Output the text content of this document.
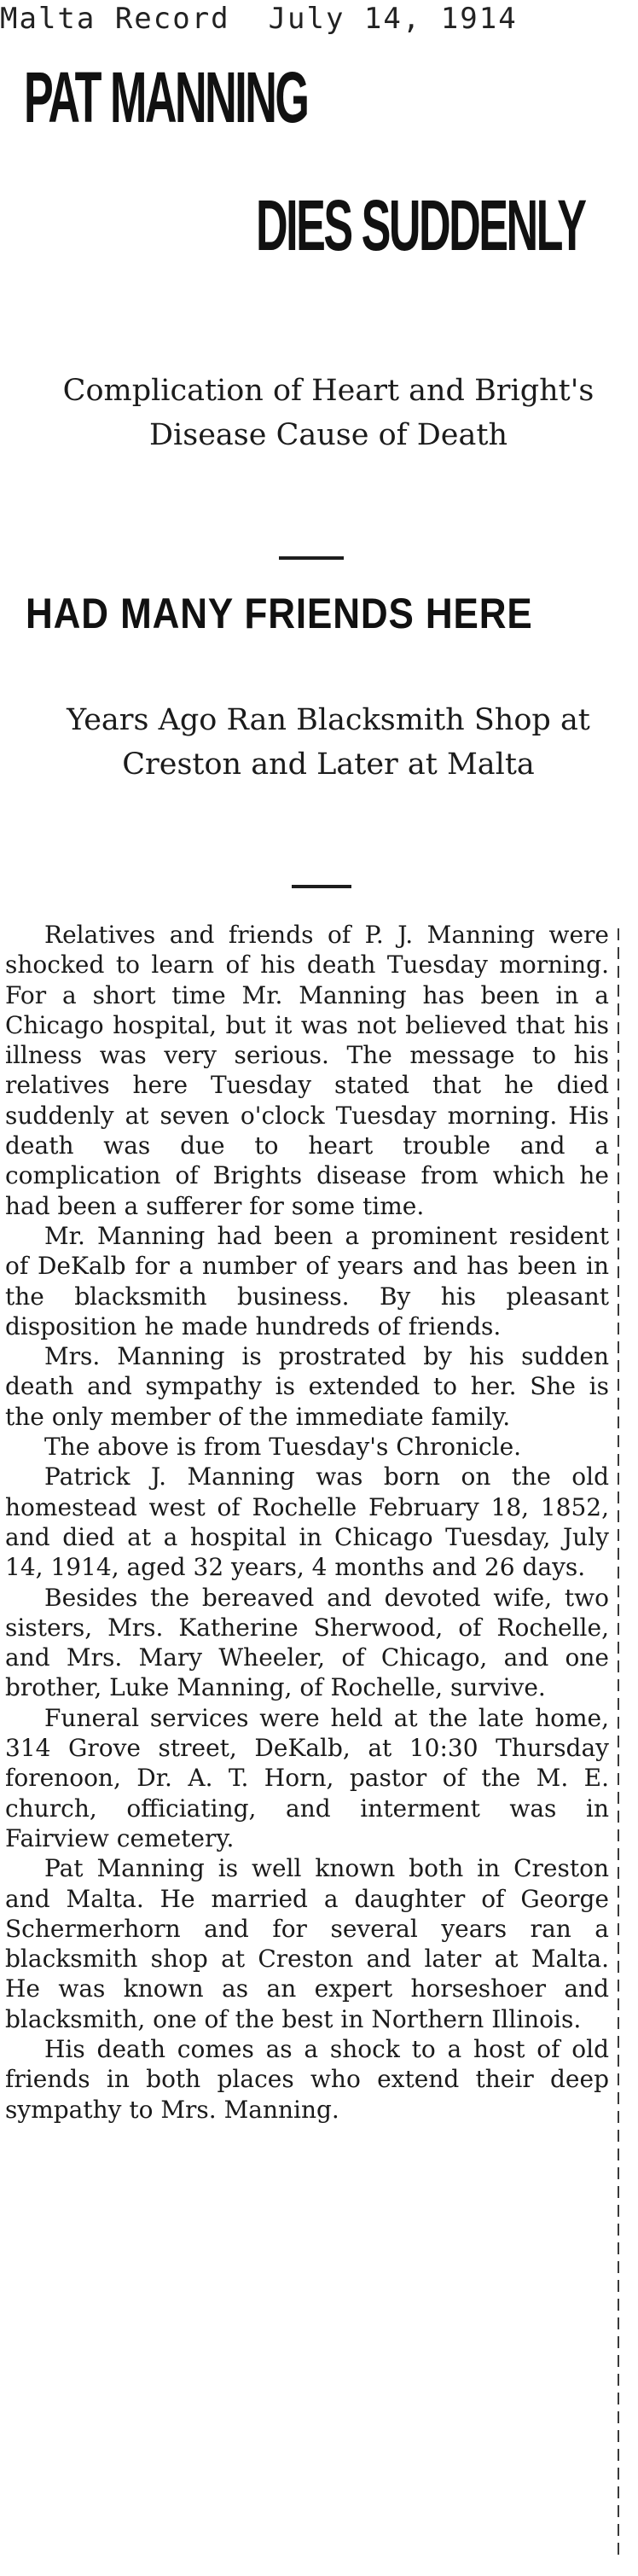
Malta Record  July 14, 1914
PAT MANNING
DIES SUDDENLY
Complication of Heart and Bright's Disease Cause of Death
HAD MANY FRIENDS HERE
Years Ago Ran Blacksmith Shop at Creston and Later at Malta

Relatives and friends of P. J. Manning were shocked to learn of his death Tuesday morning. For a short time Mr. Manning has been in a Chicago hospital, but it was not believed that his illness was very serious. The message to his relatives here Tuesday stated that he died suddenly at seven o'clock Tuesday morning. His death was due to heart trouble and a complication of Brights disease from which he had been a sufferer for some time.

Mr. Manning had been a prominent resident of DeKalb for a number of years and has been in the blacksmith business. By his pleasant disposition he made hundreds of friends.

Mrs. Manning is prostrated by his sudden death and sympathy is extended to her. She is the only member of the immediate family.

The above is from Tuesday's Chronicle.

Patrick J. Manning was born on the old homestead west of Rochelle February 18, 1852, and died at a hospital in Chicago Tuesday, July 14, 1914, aged 32 years, 4 months and 26 days.

Besides the bereaved and devoted wife, two sisters, Mrs. Katherine Sherwood, of Rochelle, and Mrs. Mary Wheeler, of Chicago, and one brother, Luke Manning, of Rochelle, survive.

Funeral services were held at the late home, 314 Grove street, DeKalb, at 10:30 Thursday forenoon, Dr. A. T. Horn, pastor of the M. E. church, officiating, and interment was in Fairview cemetery.

Pat Manning is well known both in Creston and Malta. He married a daughter of George Schermerhorn and for several years ran a blacksmith shop at Creston and later at Malta. He was known as an expert horseshoer and blacksmith, one of the best in Northern Illinois.

His death comes as a shock to a host of old friends in both places who extend their deep sympathy to Mrs. Manning.
